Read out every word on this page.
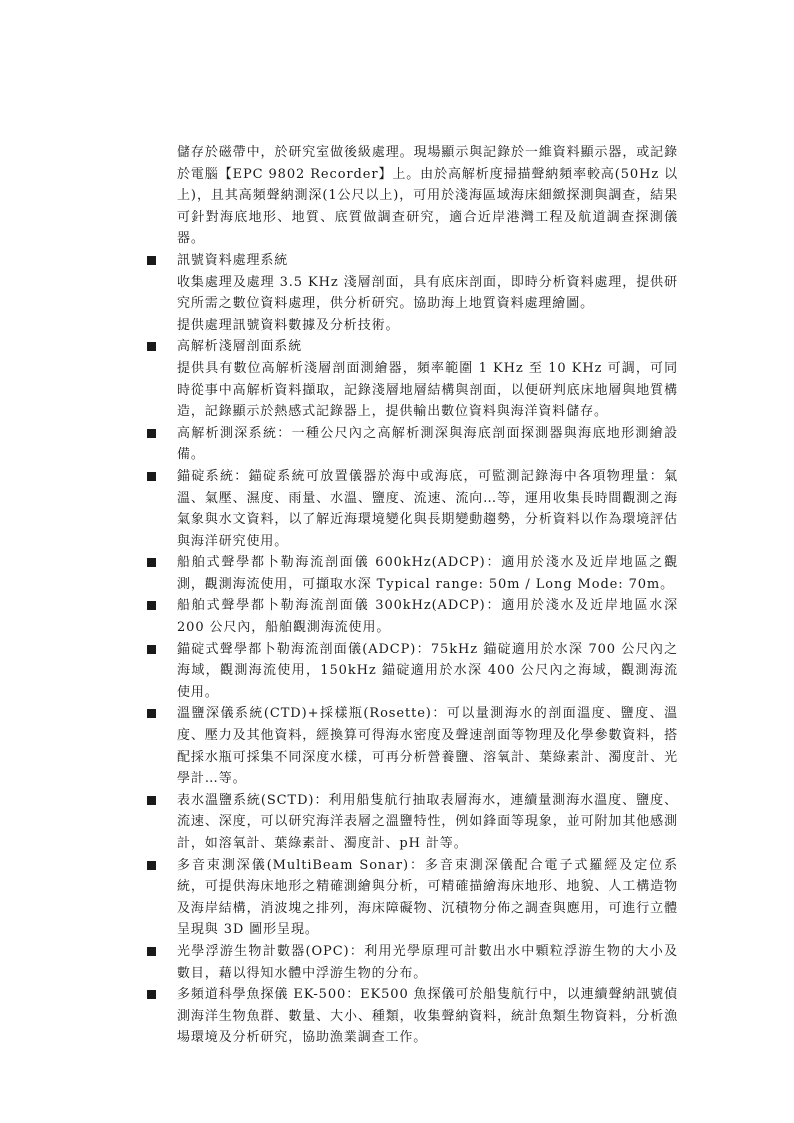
儲存於磁帶中，於研究室做後級處理。現場顯示與記錄於一維資料顯示器，或記錄於電腦【EPC 9802 Recorder】上。由於高解析度掃描聲納頻率較高(50Hz 以上)，且其高頻聲納測深(1公尺以上)，可用於淺海區域海床細緻探測與調查，結果可針對海底地形、地質、底質做調查研究，適合近岸港灣工程及航道調查探測儀器。
訊號資料處理系統
收集處理及處理 3.5 KHz 淺層剖面，具有底床剖面，即時分析資料處理，提供研究所需之數位資料處理，供分析研究。協助海上地質資料處理繪圖。
提供處理訊號資料數據及分析技術。
高解析淺層剖面系統
提供具有數位高解析淺層剖面測繪器，頻率範圍 1 KHz 至 10 KHz 可調，可同時從事中高解析資料擷取，記錄淺層地層結構與剖面，以便研判底床地層與地質構造，記錄顯示於熱感式記錄器上，提供輸出數位資料與海洋資料儲存。
高解析測深系統：一種公尺內之高解析測深與海底剖面探測器與海底地形測繪設備。
錨碇系統：錨碇系統可放置儀器於海中或海底，可監測記錄海中各項物理量：氣溫、氣壓、濕度、雨量、水溫、鹽度、流速、流向…等，運用收集長時間觀測之海氣象與水文資料，以了解近海環境變化與長期變動趨勢，分析資料以作為環境評估與海洋研究使用。
船舶式聲學都卜勒海流剖面儀 600kHz(ADCP)：適用於淺水及近岸地區之觀測，觀測海流使用，可擷取水深 Typical range: 50m / Long Mode: 70m。
船舶式聲學都卜勒海流剖面儀 300kHz(ADCP)：適用於淺水及近岸地區水深 200 公尺內，船舶觀測海流使用。
錨碇式聲學都卜勒海流剖面儀(ADCP)：75kHz 錨碇適用於水深 700 公尺內之海域，觀測海流使用，150kHz 錨碇適用於水深 400 公尺內之海域，觀測海流使用。
溫鹽深儀系統(CTD)+採樣瓶(Rosette)：可以量測海水的剖面溫度、鹽度、溫度、壓力及其他資料，經換算可得海水密度及聲速剖面等物理及化學參數資料，搭配採水瓶可採集不同深度水樣，可再分析營養鹽、溶氧計、葉綠素計、濁度計、光學計…等。
表水溫鹽系統(SCTD)：利用船隻航行抽取表層海水，連續量測海水溫度、鹽度、流速、深度，可以研究海洋表層之溫鹽特性，例如鋒面等現象，並可附加其他感測計，如溶氧計、葉綠素計、濁度計、pH 計等。
多音束測深儀(MultiBeam Sonar)：多音束測深儀配合電子式羅經及定位系統，可提供海床地形之精確測繪與分析，可精確描繪海床地形、地貌、人工構造物及海岸結構，消波塊之排列，海床障礙物、沉積物分佈之調查與應用，可進行立體呈現與 3D 圖形呈現。
光學浮游生物計數器(OPC)：利用光學原理可計數出水中顆粒浮游生物的大小及數目，藉以得知水體中浮游生物的分布。
多頻道科學魚探儀 EK-500：EK500 魚探儀可於船隻航行中，以連續聲納訊號偵測海洋生物魚群、數量、大小、種類，收集聲納資料，統計魚類生物資料，分析漁場環境及分析研究，協助漁業調查工作。
